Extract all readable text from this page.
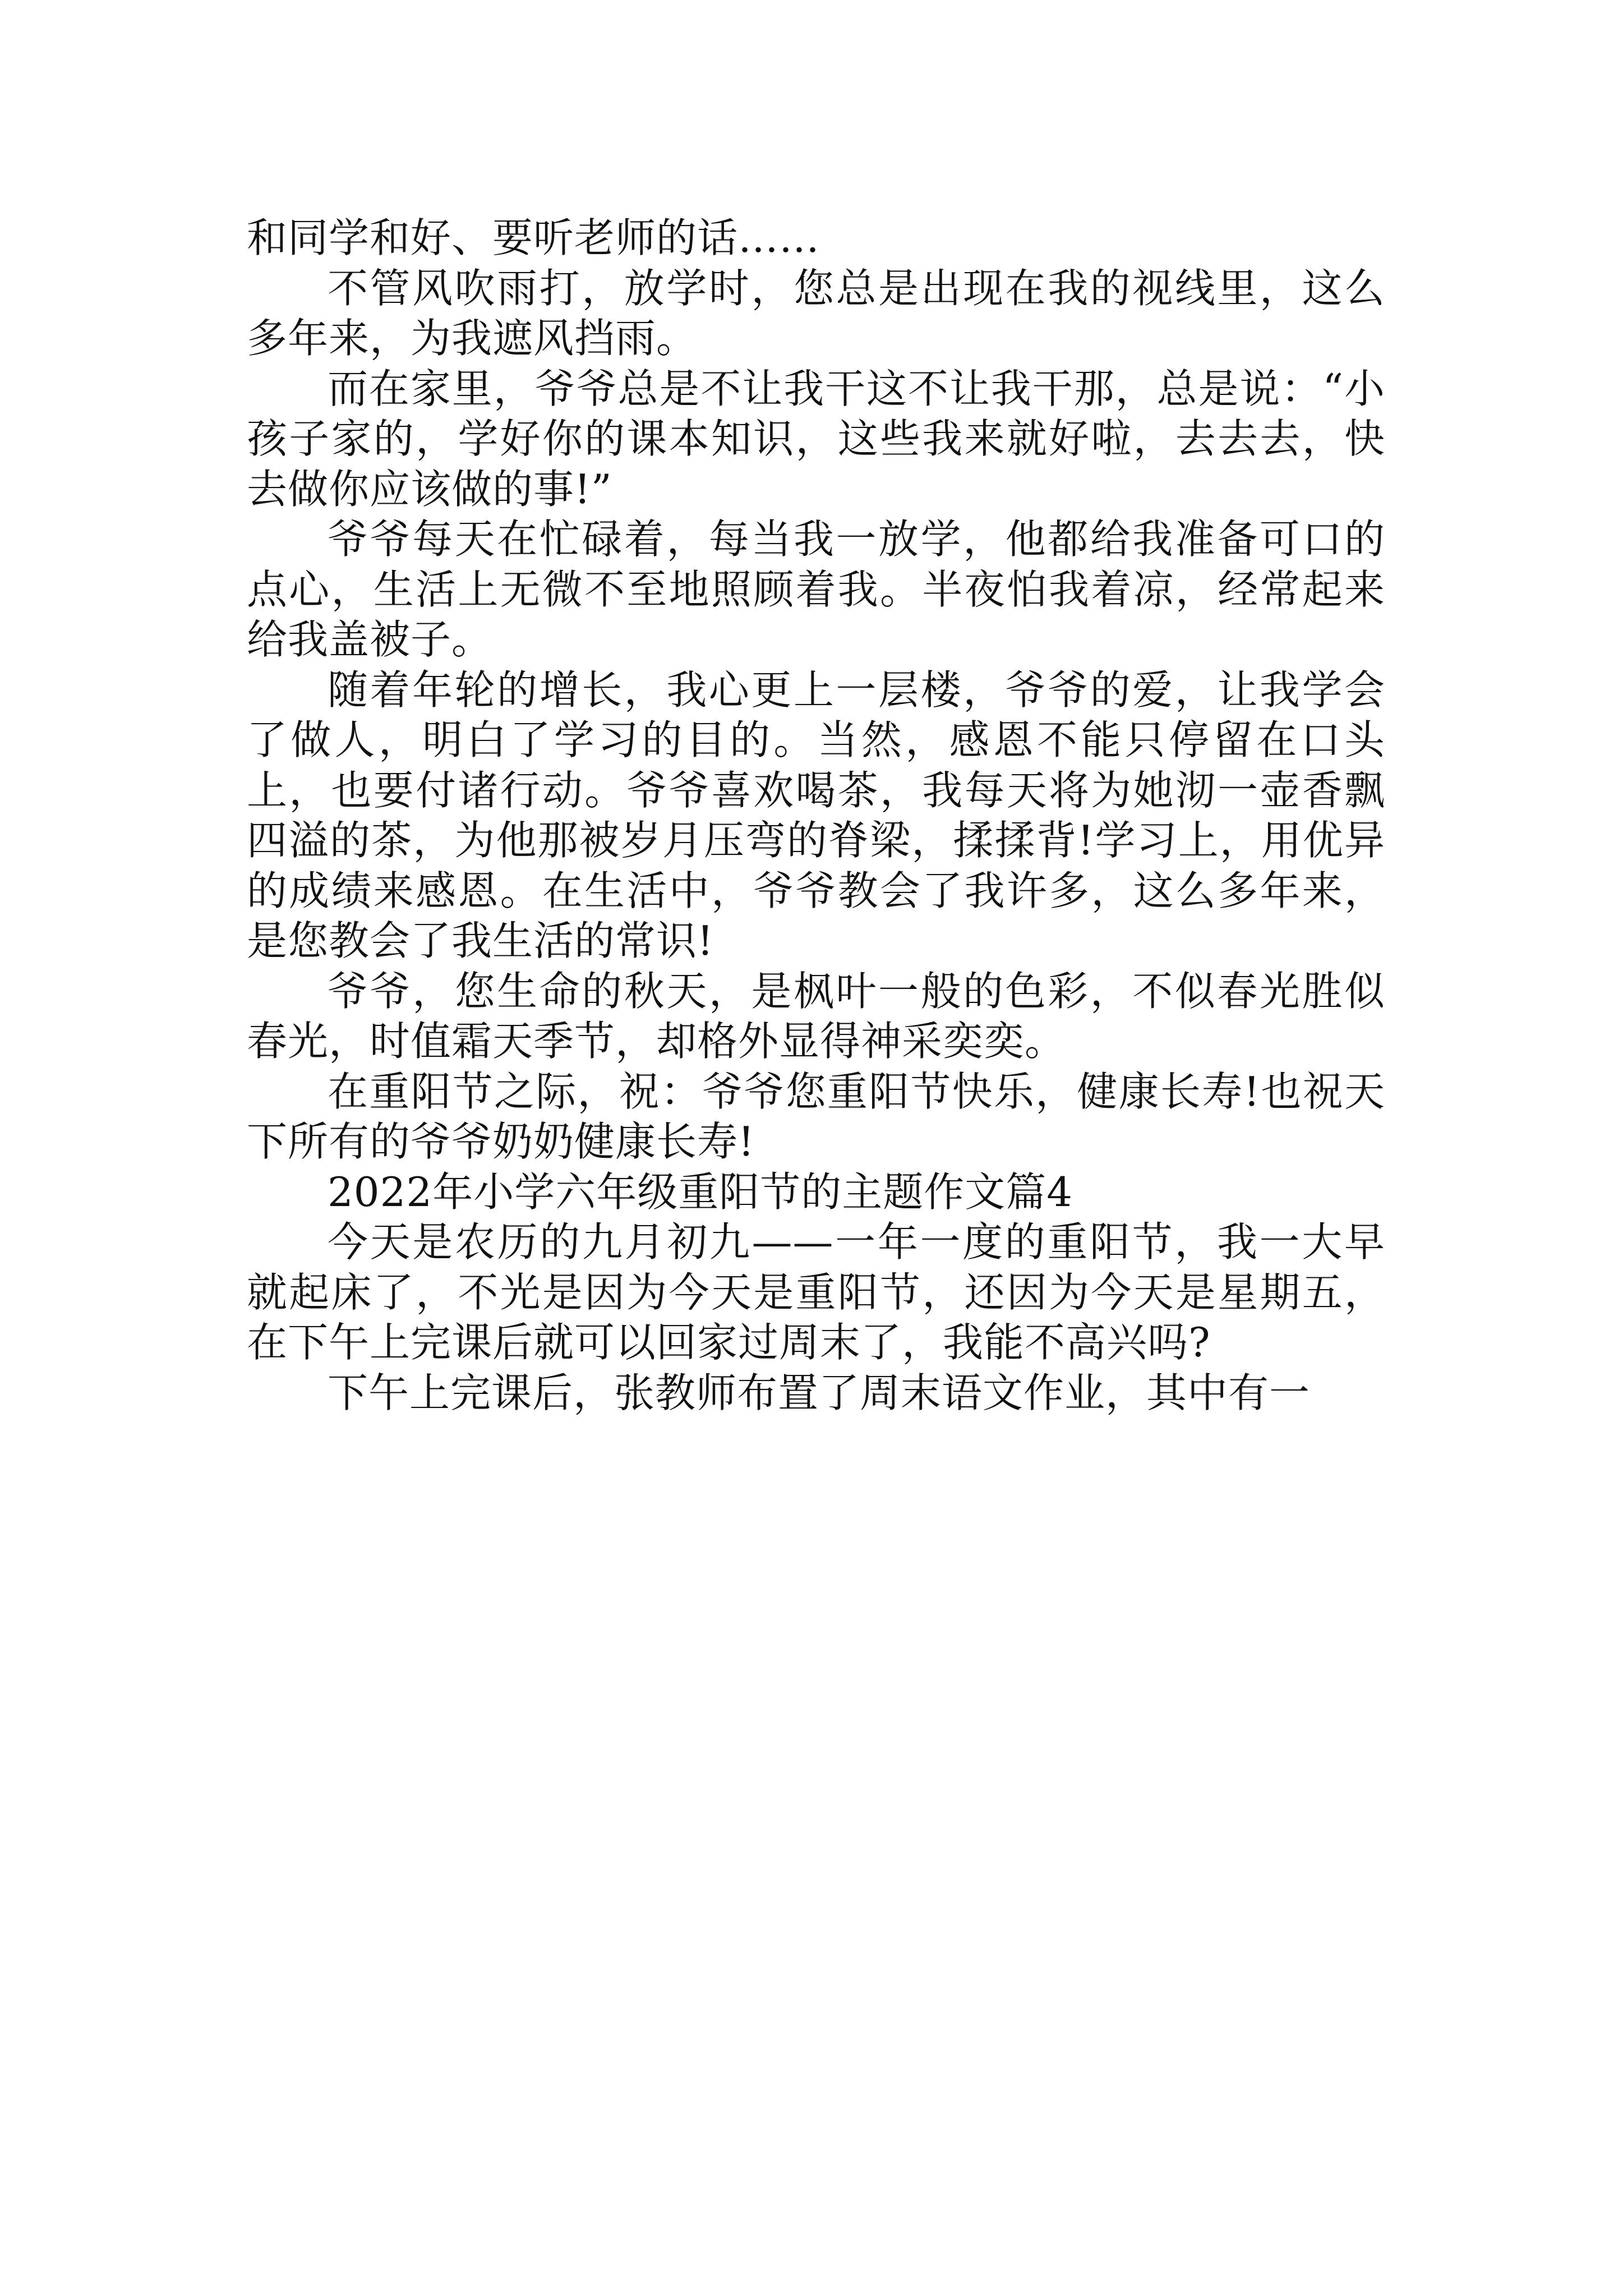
和同学和好、要听老师的话……

不管风吹雨打，放学时，您总是出现在我的视线里，这么多年来，为我遮风挡雨。

而在家里，爷爷总是不让我干这不让我干那，总是说：“小孩子家的，学好你的课本知识，这些我来就好啦，去去去，快去做你应该做的事!”

爷爷每天在忙碌着，每当我一放学，他都给我准备可口的点心，生活上无微不至地照顾着我。半夜怕我着凉，经常起来给我盖被子。

随着年轮的增长，我心更上一层楼，爷爷的爱，让我学会了做人，明白了学习的目的。当然，感恩不能只停留在口头上，也要付诸行动。爷爷喜欢喝茶，我每天将为她沏一壶香飘四溢的茶，为他那被岁月压弯的脊梁，揉揉背!学习上，用优异的成绩来感恩。在生活中，爷爷教会了我许多，这么多年来，是您教会了我生活的常识!

爷爷，您生命的秋天，是枫叶一般的色彩，不似春光胜似春光，时值霜天季节，却格外显得神采奕奕。

在重阳节之际，祝：爷爷您重阳节快乐，健康长寿!也祝天下所有的爷爷奶奶健康长寿!

2022年小学六年级重阳节的主题作文篇4

今天是农历的九月初九——一年一度的重阳节，我一大早就起床了，不光是因为今天是重阳节，还因为今天是星期五，在下午上完课后就可以回家过周末了，我能不高兴吗?

下午上完课后，张教师布置了周末语文作业，其中有一
